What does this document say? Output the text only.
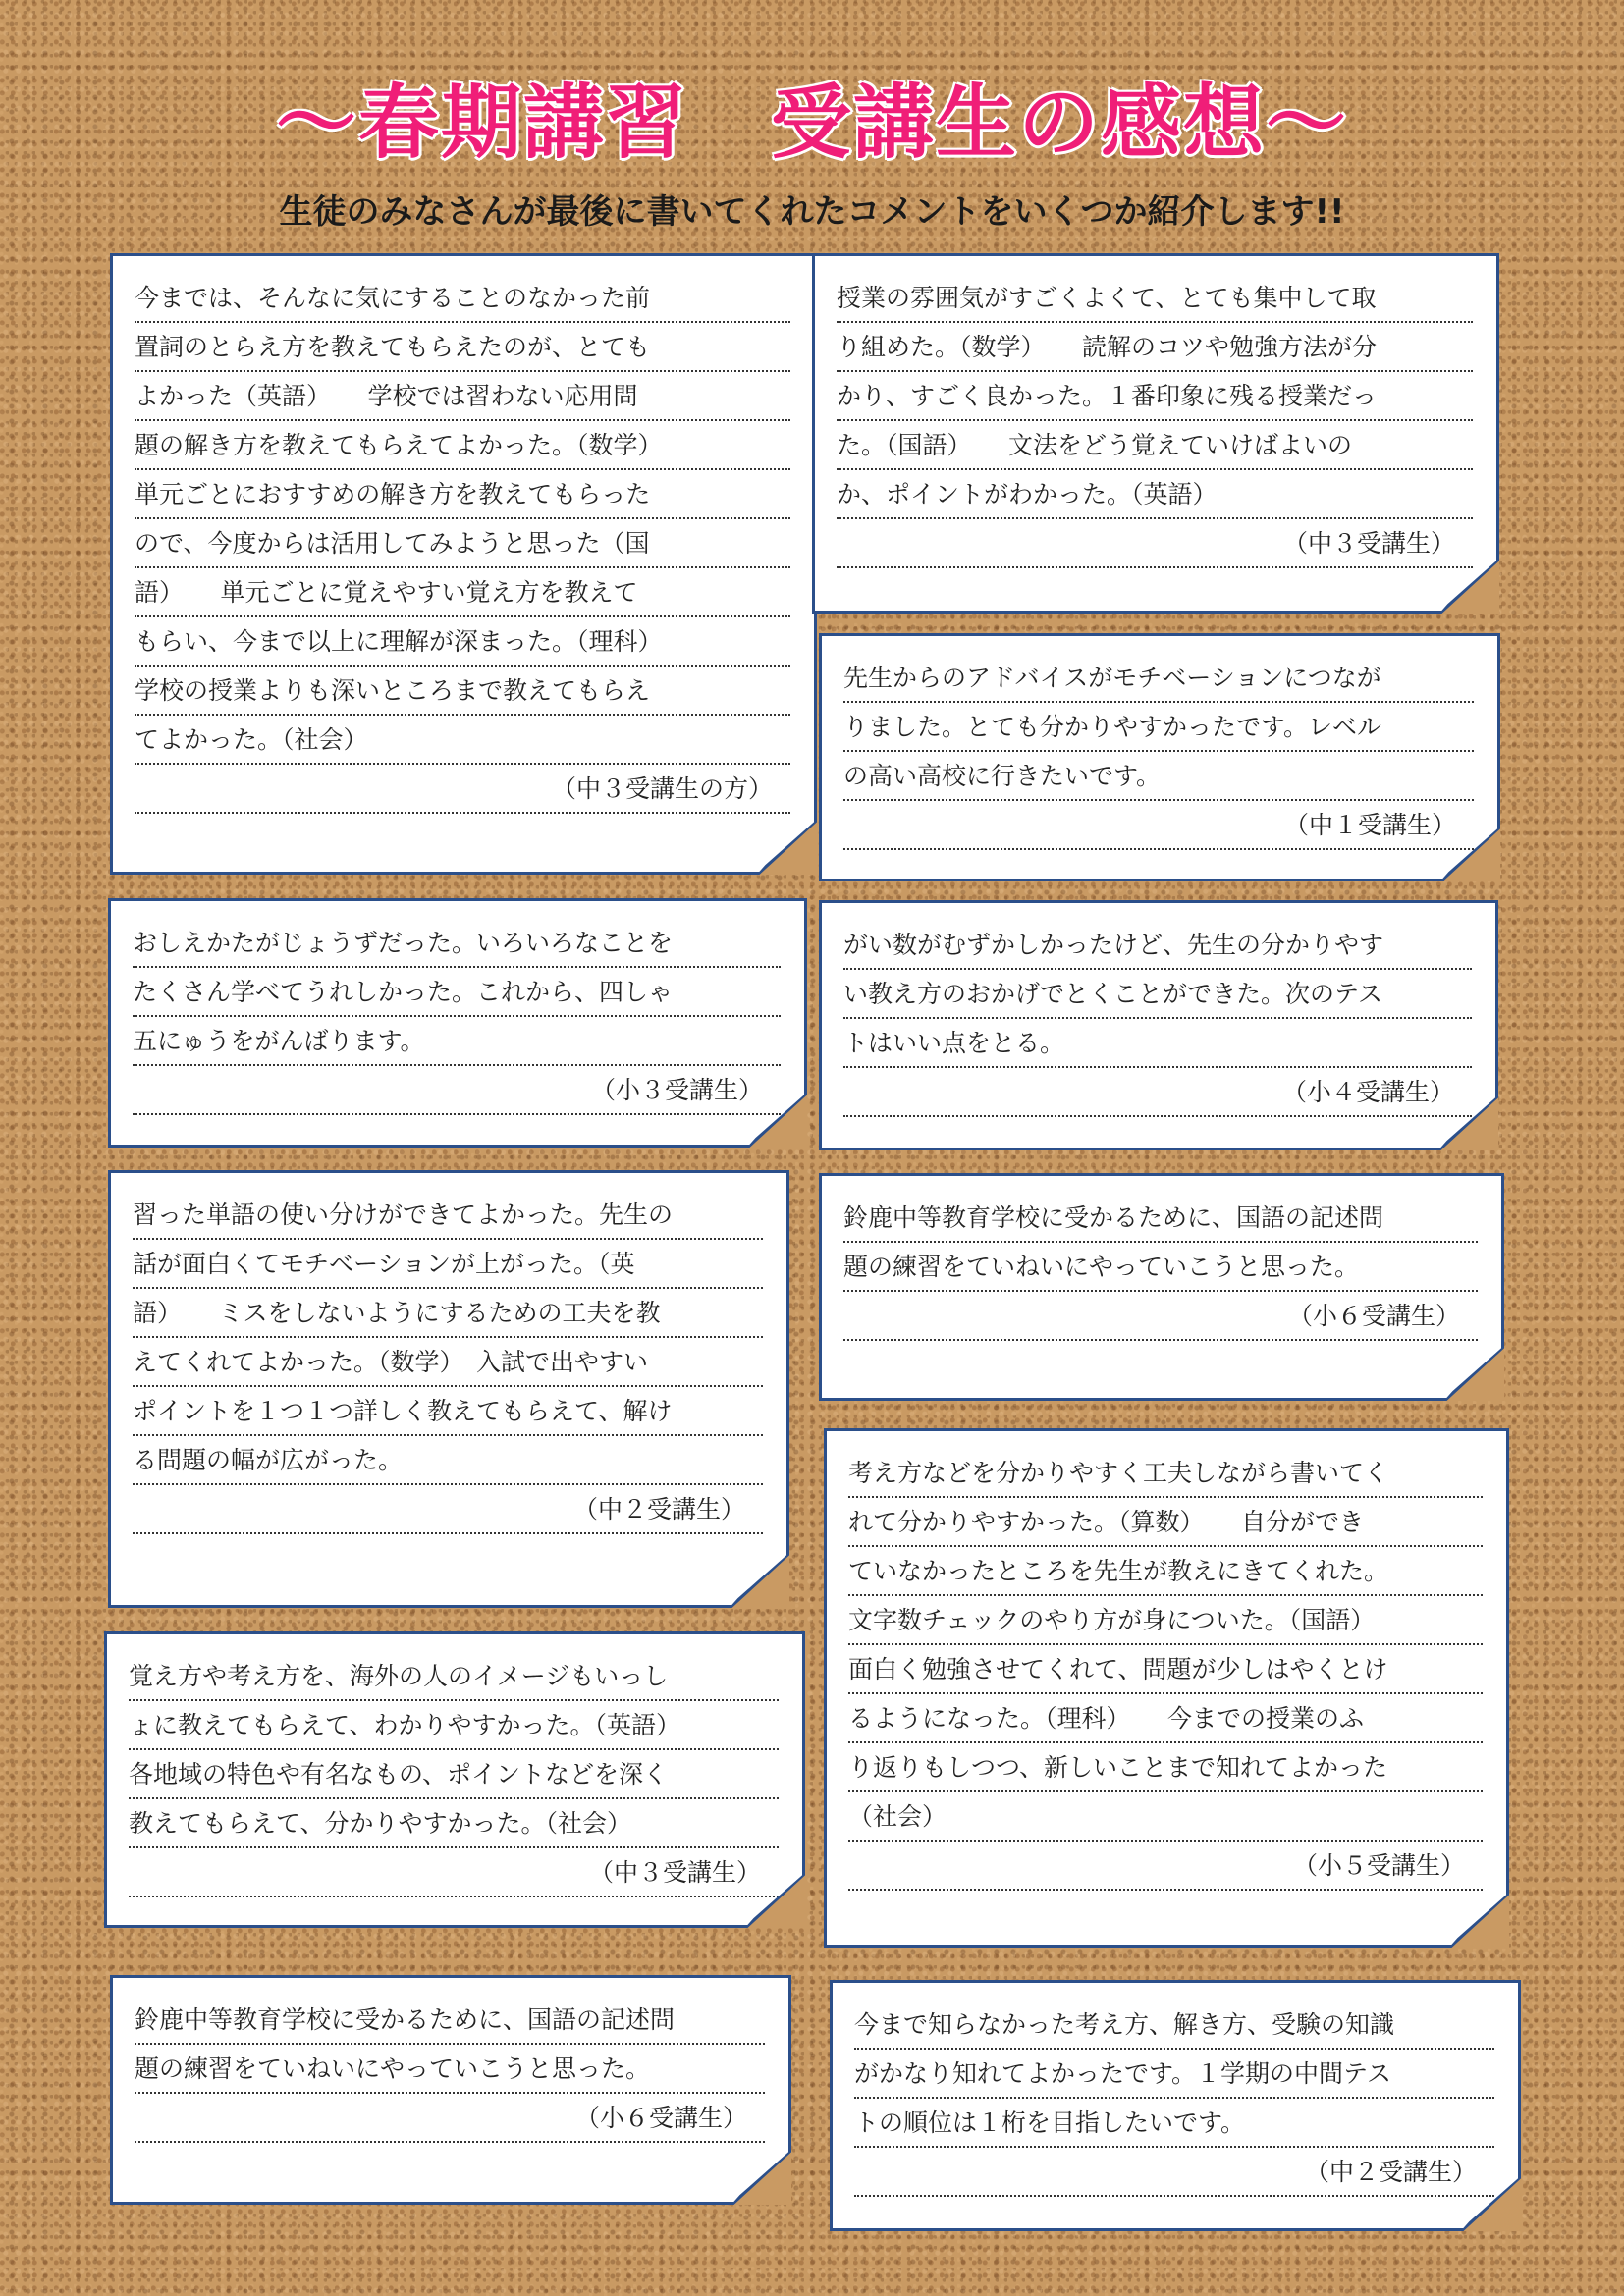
～春期講習　受講生の感想～
生徒のみなさんが最後に書いてくれたコメントをいくつか紹介します!!
今までは、そんなに気にすることのなかった前
置詞のとらえ方を教えてもらえたのが、とても
よかった（英語）　　学校では習わない応用問
題の解き方を教えてもらえてよかった。（数学）
単元ごとにおすすめの解き方を教えてもらった
ので、今度からは活用してみようと思った（国
語）　　単元ごとに覚えやすい覚え方を教えて
もらい、今まで以上に理解が深まった。（理科）
学校の授業よりも深いところまで教えてもらえ
てよかった。（社会）
（中３受講生の方）
授業の雰囲気がすごくよくて、とても集中して取
り組めた。（数学）　　読解のコツや勉強方法が分
かり、すごく良かった。１番印象に残る授業だっ
た。（国語）　　文法をどう覚えていけばよいの
か、ポイントがわかった。（英語）
（中３受講生）
先生からのアドバイスがモチベーションにつなが
りました。とても分かりやすかったです。レベル
の高い高校に行きたいです。
（中１受講生）
おしえかたがじょうずだった。いろいろなことを
たくさん学べてうれしかった。これから、四しゃ
五にゅうをがんばります。
（小３受講生）
がい数がむずかしかったけど、先生の分かりやす
い教え方のおかげでとくことができた。次のテス
トはいい点をとる。
（小４受講生）
習った単語の使い分けができてよかった。先生の
話が面白くてモチベーションが上がった。（英
語）　　ミスをしないようにするための工夫を教
えてくれてよかった。（数学）　入試で出やすい
ポイントを１つ１つ詳しく教えてもらえて、解け
る問題の幅が広がった。
（中２受講生）
鈴鹿中等教育学校に受かるために、国語の記述問
題の練習をていねいにやっていこうと思った。
（小６受講生）
考え方などを分かりやすく工夫しながら書いてく
れて分かりやすかった。（算数）　　自分ができ
ていなかったところを先生が教えにきてくれた。
文字数チェックのやり方が身についた。（国語）
面白く勉強させてくれて、問題が少しはやくとけ
るようになった。（理科）　　今までの授業のふ
り返りもしつつ、新しいことまで知れてよかった
（社会）
（小５受講生）
覚え方や考え方を、海外の人のイメージもいっし
ょに教えてもらえて、わかりやすかった。（英語）
各地域の特色や有名なもの、ポイントなどを深く
教えてもらえて、分かりやすかった。（社会）
（中３受講生）
鈴鹿中等教育学校に受かるために、国語の記述問
題の練習をていねいにやっていこうと思った。
（小６受講生）
今まで知らなかった考え方、解き方、受験の知識
がかなり知れてよかったです。１学期の中間テス
トの順位は１桁を目指したいです。
（中２受講生）
